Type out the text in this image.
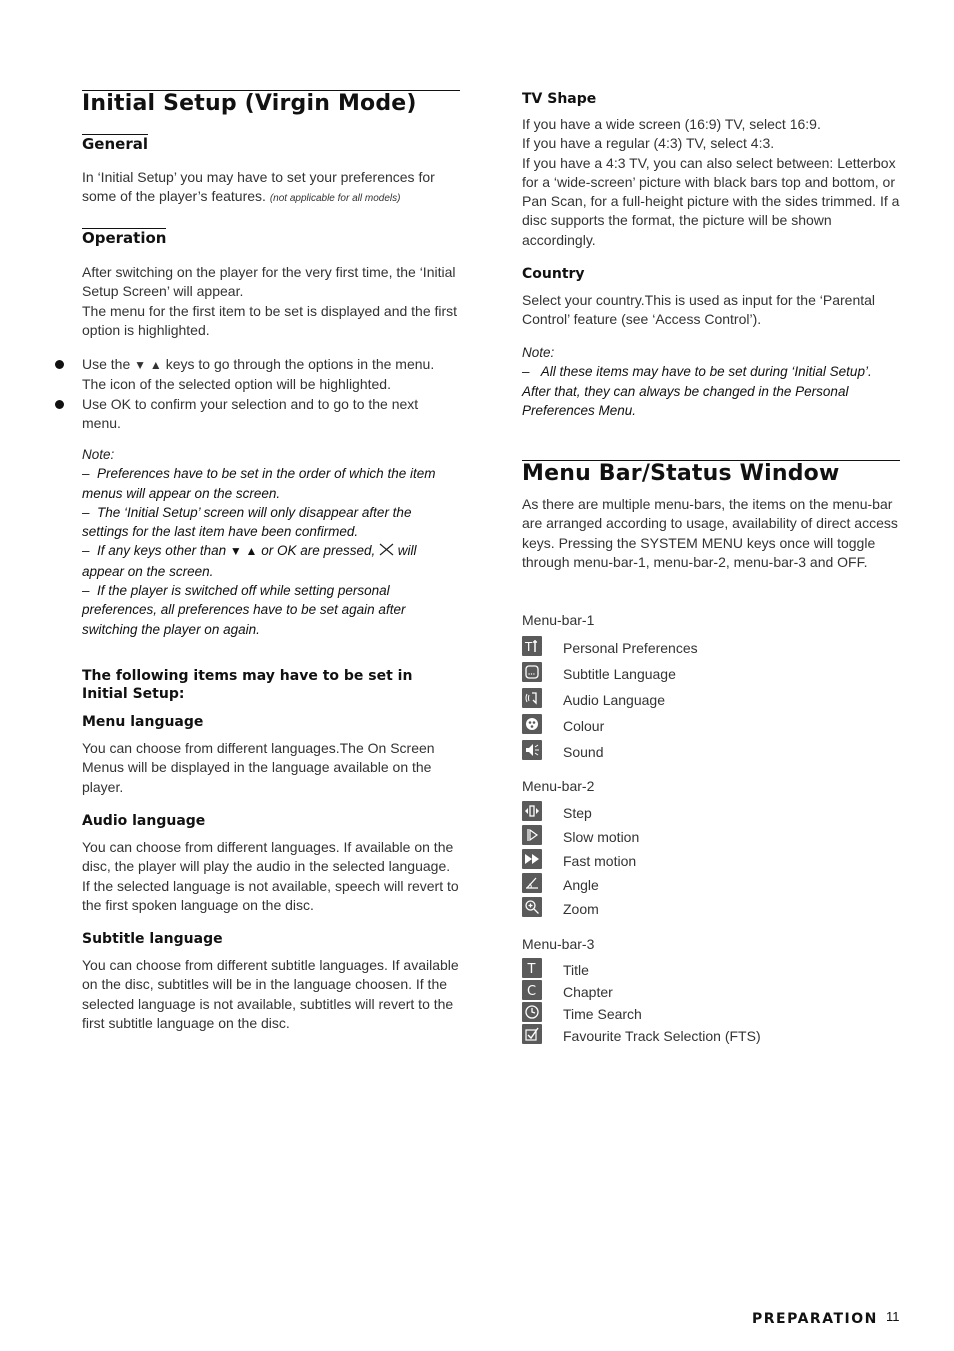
Initial Setup (Virgin Mode)
General

In ‘Initial Setup’ you may have to set your preferences for some of the player’s features. (not applicable for all models)

Operation

After switching on the player for the very first time, the ‘Initial Setup Screen’ will appear.

The menu for the first item to be set is displayed and the first option is highlighted.

Use the ▼ ▲ keys to go through the options in the menu. The icon of the selected option will be highlighted.
Use OK to confirm your selection and to go to the next menu.
Note:

– Preferences have to be set in the order of which the item menus will appear on the screen.

– The ‘Initial Setup’ screen will only disappear after the settings for the last item have been confirmed.

– If any keys other than ▼ ▲ or OK are pressed, will appear on the screen.

– If the player is switched off while setting personal preferences, all preferences have to be set again after switching the player on again.

The following items may have to be set in Initial Setup:
Menu language

You can choose from different languages.The On Screen Menus will be displayed in the language available on the player.

Audio language

You can choose from different languages. If available on the disc, the player will play the audio in the selected language. If the selected language is not available, speech will revert to the first spoken language on the disc.

Subtitle language

You can choose from different subtitle languages. If available on the disc, subtitles will be in the language choosen. If the selected language is not available, subtitles will revert to the first subtitle language on the disc.

TV Shape

If you have a wide screen (16:9) TV, select 16:9.

If you have a regular (4:3) TV, select 4:3.

If you have a 4:3 TV, you can also select between: Letterbox for a ‘wide-screen’ picture with black bars top and bottom, or Pan Scan, for a full-height picture with the sides trimmed. If a disc supports the format, the picture will be shown accordingly.

Country

Select your country.This is used as input for the ‘Parental Control’ feature (see ‘Access Control’).

Note:

– All these items may have to be set during ‘Initial Setup’. After that, they can always be changed in the Personal Preferences Menu.

Menu Bar/Status Window

As there are multiple menu-bars, the items on the menu-bar are arranged according to usage, availability of direct access keys. Pressing the SYSTEM MENU keys once will toggle through menu-bar-1, menu-bar-2, menu-bar-3 and OFF.

Menu-bar-1
T Personal Preferences
Subtitle Language
Audio Language
Colour
Sound
Menu-bar-2
Step
Slow motion
Fast motion
Angle
Zoom
Menu-bar-3
T Title
C Chapter
Time Search
Favourite Track Selection (FTS)
PREPARATION 11
